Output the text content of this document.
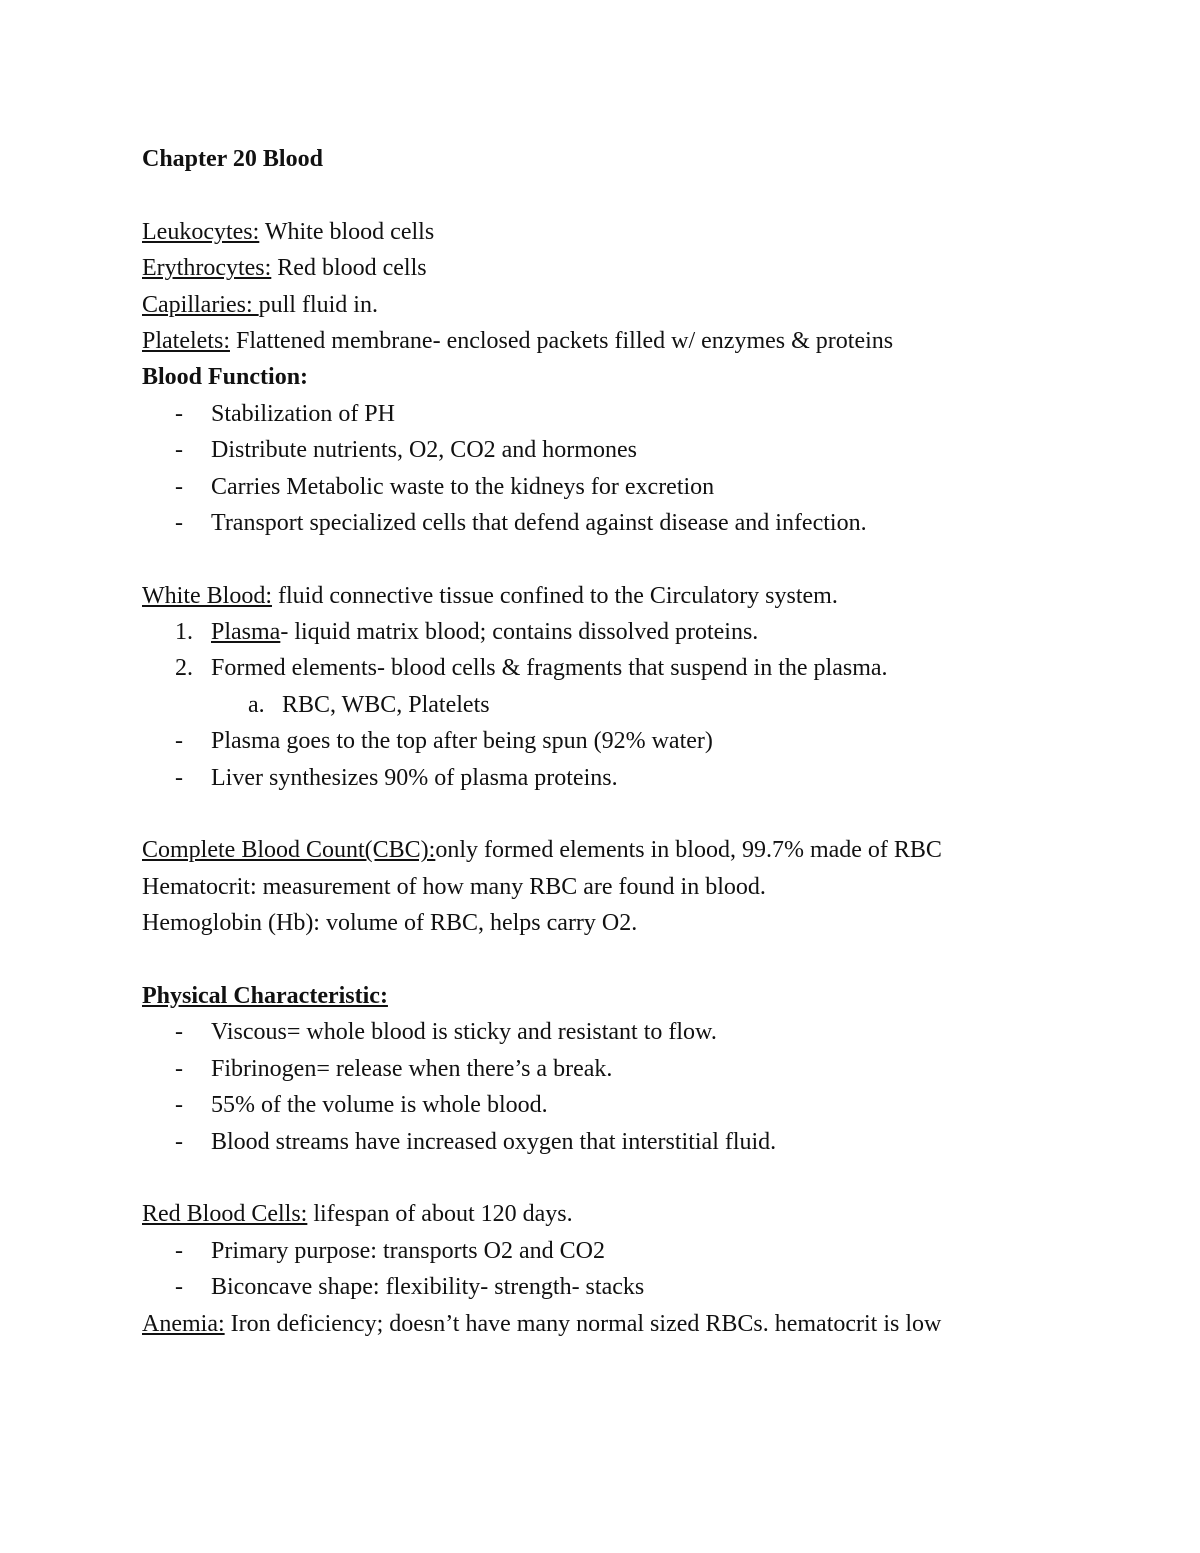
Chapter 20 Blood
Leukocytes: White blood cells
Erythrocytes: Red blood cells
Capillaries: pull fluid in.
Platelets: Flattened membrane- enclosed packets filled w/ enzymes & proteins
Blood Function:
- Stabilization of PH
- Distribute nutrients, O2, CO2 and hormones
- Carries Metabolic waste to the kidneys for excretion
- Transport specialized cells that defend against disease and infection.
White Blood: fluid connective tissue confined to the Circulatory system.
1. Plasma- liquid matrix blood; contains dissolved proteins.
2. Formed elements- blood cells & fragments that suspend in the plasma.
a. RBC, WBC, Platelets
- Plasma goes to the top after being spun (92% water)
- Liver synthesizes 90% of plasma proteins.
Complete Blood Count(CBC):only formed elements in blood, 99.7% made of RBC
Hematocrit: measurement of how many RBC are found in blood.
Hemoglobin (Hb): volume of RBC, helps carry O2.
Physical Characteristic:
- Viscous= whole blood is sticky and resistant to flow.
- Fibrinogen= release when there’s a break.
- 55% of the volume is whole blood.
- Blood streams have increased oxygen that interstitial fluid.
Red Blood Cells: lifespan of about 120 days.
- Primary purpose: transports O2 and CO2
- Biconcave shape: flexibility- strength- stacks
Anemia: Iron deficiency; doesn’t have many normal sized RBCs. hematocrit is low
